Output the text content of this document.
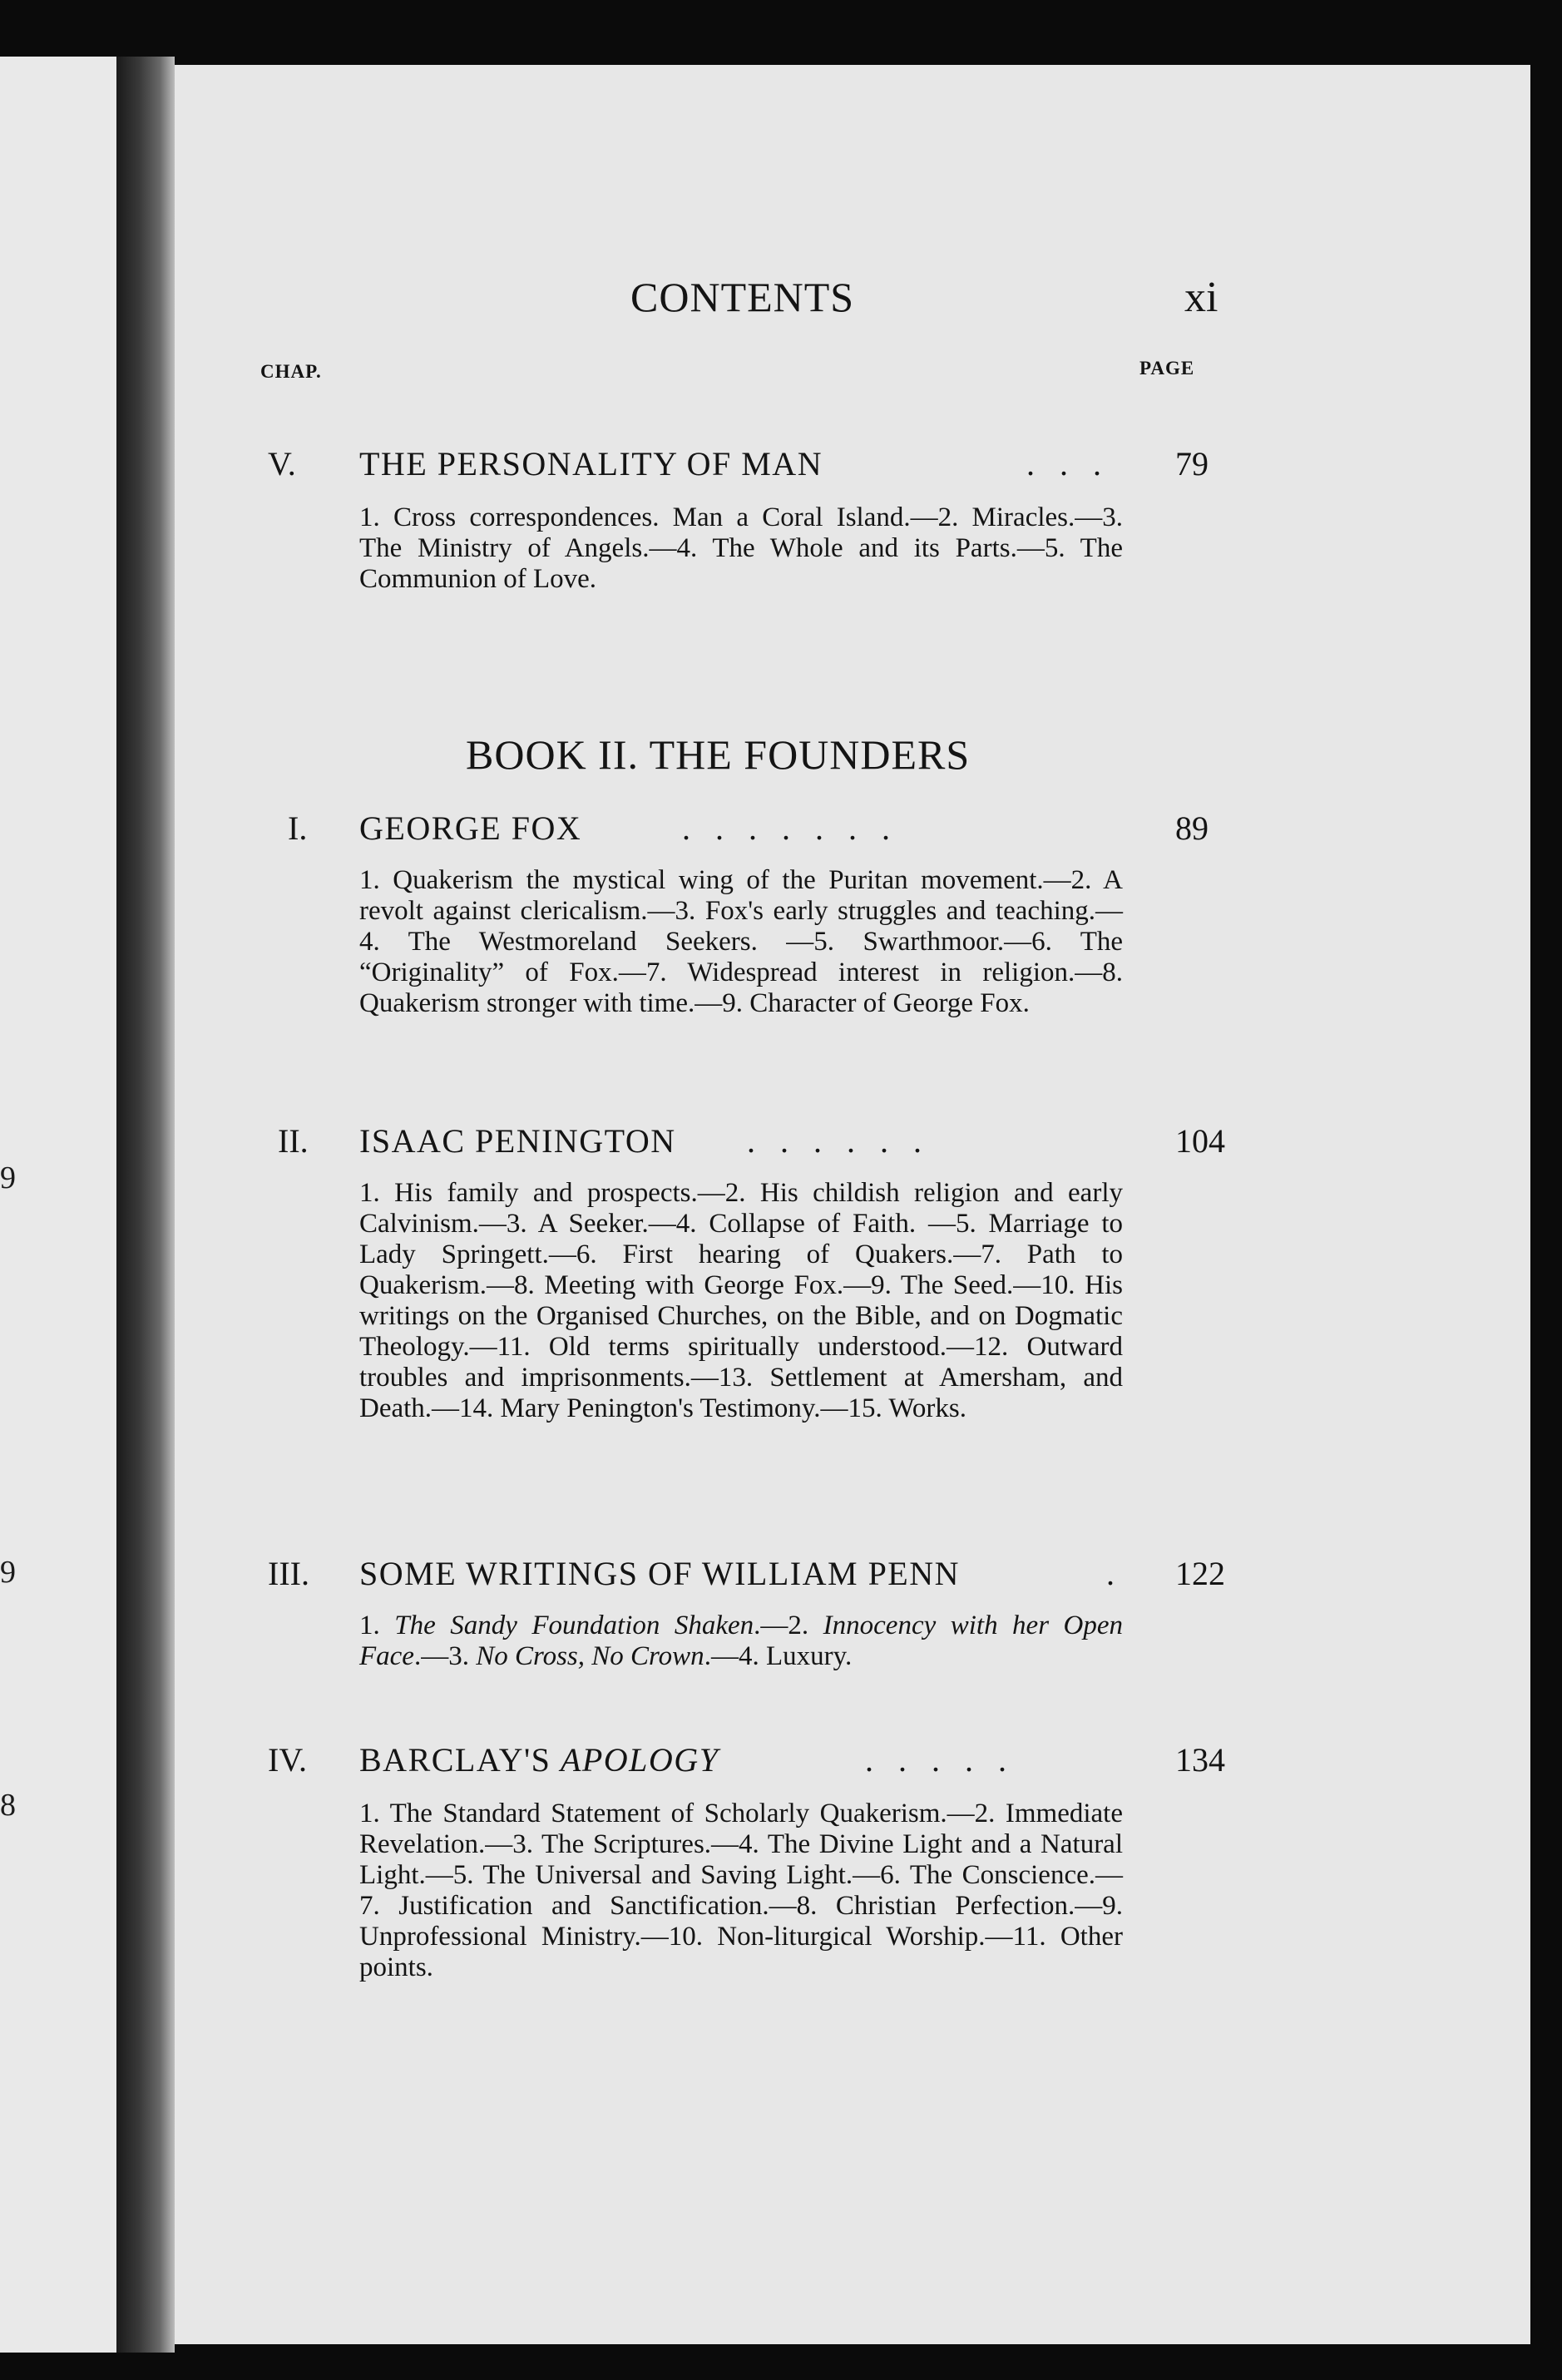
9
9
8
CONTENTS	xi
CHAP.	PAGE
V. THE PERSONALITY OF MAN	... 79
1. Cross correspondences. Man a Coral Island.—2. Miracles.—3. The Ministry of Angels.—4. The Whole and its Parts.—5. The Communion of Love.
BOOK II. THE FOUNDERS
I. GEORGE FOX	.......	89
1. Quakerism the mystical wing of the Puritan movement.—2. A revolt against clericalism.—3. Fox's early struggles and teaching.—4. The Westmoreland Seekers. —5. Swarthmoor.—6. The “Originality” of Fox.—7. Widespread interest in religion.—8. Quakerism stronger with time.—9. Character of George Fox.
II. ISAAC PENINGTON ......	104
1. His family and prospects.—2. His childish religion and early Calvinism.—3. A Seeker.—4. Collapse of Faith. —5. Marriage to Lady Springett.—6. First hearing of Quakers.—7. Path to Quakerism.—8. Meeting with George Fox.—9. The Seed.—10. His writings on the Organised Churches, on the Bible, and on Dogmatic Theology.—11. Old terms spiritually understood.—12. Outward troubles and imprisonments.—13. Settlement at Amersham, and Death.—14. Mary Penington's Testimony.—15. Works.
III. SOME WRITINGS OF WILLIAM PENN	. 122
1. The Sandy Foundation Shaken.—2. Innocency with her Open Face.—3. No Cross, No Crown.—4. Luxury.
IV. BARCLAY'S APOLOGY	.....	134
1. The Standard Statement of Scholarly Quakerism.—2. Immediate Revelation.—3. The Scriptures.—4. The Divine Light and a Natural Light.—5. The Universal and Saving Light.—6. The Conscience.—7. Justification and Sanctification.—8. Christian Perfection.—9. Unprofessional Ministry.—10. Non-liturgical Worship.—11. Other points.
